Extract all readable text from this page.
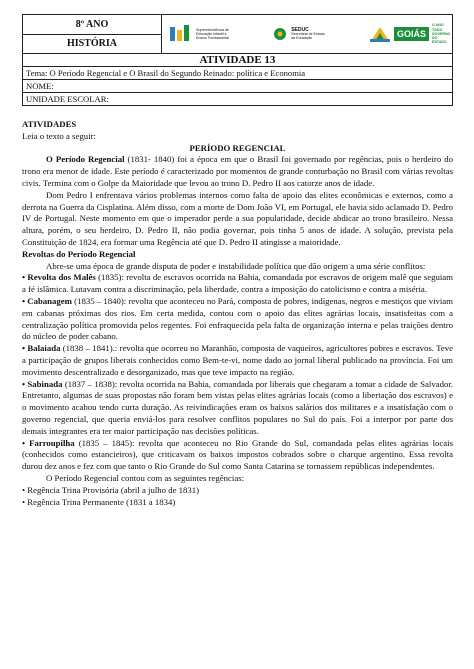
8º ANO
HISTÓRIA

Superintendência de
Educação Infantil e
Ensino Fundamental
SEDUC
Secretaria de Estado
da Educação	GOIÁS
O ANO TODO
GOVERNO DO ESTADO

ATIVIDADE 13
Tema: O Período Regencial e O Brasil do Segundo Reinado: política e Economia
NOME:
UNIDADE ESCOLAR:

ATIVIDADES

Leia o texto a seguir:

PERÍODO REGENCIAL

O Período Regencial (1831- 1840) foi a época em que o Brasil foi governado por regências, pois o herdeiro do trono era menor de idade. Este período é caracterizado por momentos de grande conturbação no Brasil com várias revoltas civis. Termina com o Golpe da Maioridade que levou ao trono D. Pedro II aos catorze anos de idade.

Dom Pedro I enfrentava vários problemas internos como falta de apoio das elites econômicas e externos, como a derrota na Guerra da Cisplatina. Além disso, com a morte de Dom João VI, em Portugal, ele havia sido aclamado D. Pedro IV de Portugal. Neste momento em que o imperador perde a sua popularidade, decide abdicar ao trono brasileiro. Nessa altura, porém, o seu herdeiro, D. Pedro II, não podia governar, pois tinha 5 anos de idade. A solução, prevista pela Constituição de 1824, era formar uma Regência até que D. Pedro II atingisse a maioridade.

Revoltas do Período Regencial

Abre-se uma época de grande disputa de poder e instabilidade política que dão origem a uma série conflitos:

• Revolta dos Malês (1835): revolta de escravos ocorrida na Bahia, comandada por escravos de origem malê que seguiam a fé islâmica. Lutavam contra a discriminação, pela liberdade, contra a imposição do catolicismo e contra a miséria.

• Cabanagem (1835 – 1840): revolta que aconteceu no Pará, composta de pobres, indígenas, negros e mestiços que viviam em cabanas próximas dos rios. Em certa medida, contou com o apoio das elites agrárias locais, insatisfeitas com a centralização política promovida pelos regentes. Foi enfraquecida pela falta de organização interna e pelas traições dentro do núcleo de poder cabano.

• Balaiada (1838 – 1841).: revolta que ocorreu no Maranhão, composta de vaqueiros, agricultores pobres e escravos. Teve a participação de grupos liberais conhecidos como Bem-te-vi, nome dado ao jornal liberal publicado na província. Foi um movimento descentralizado e desorganizado, mas que teve impacto na região.

• Sabinada (1837 – 1838): revolta ocorrida na Bahia, comandada por liberais que chegaram a tomar a cidade de Salvador. Entretanto, algumas de suas propostas não foram bem vistas pelas elites agrárias locais (como a libertação dos escravos) e o movimento acabou tendo curta duração. As reivindicações eram os baixos salários dos militares e a insatisfação com o governo regencial, que queria enviá-los para resolver conflitos populares no Sul do país. Foi a interpor por parte dos demais integrantes era ter maior participação nas decisões políticas.

• Farroupilha (1835 – 1845): revolta que aconteceu no Rio Grande do Sul, comandada pelas elites agrárias locais (conhecidos como estancieiros), que criticavam os baixos impostos cobrados sobre o charque argentino. Essa revolta durou dez anos e fez com que tanto o Rio Grande do Sul como Santa Catarina se tornassem repúblicas independentes.

O Período Regencial contou com as seguintes regências:

• Regência Trina Provisória (abril a julho de 1831)

• Regência Trina Permanente (1831 a 1834)
